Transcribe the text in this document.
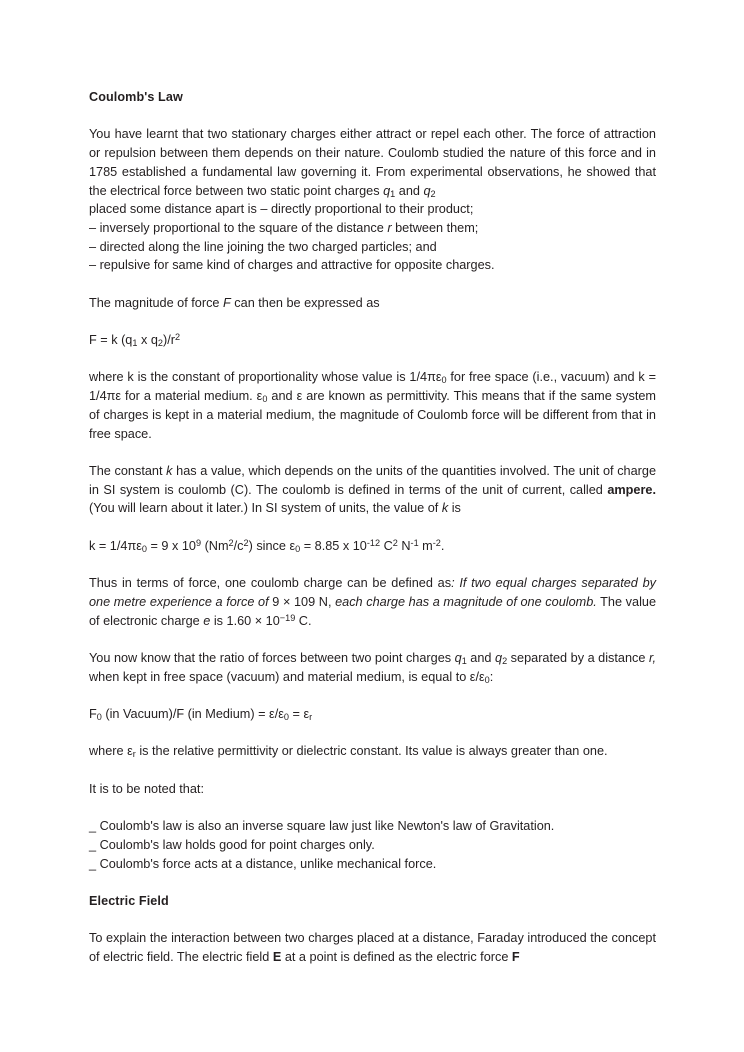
Coulomb's Law

You have learnt that two stationary charges either attract or repel each other. The force of attraction or repulsion between them depends on their nature. Coulomb studied the nature of this force and in 1785 established a fundamental law governing it. From experimental observations, he showed that the electrical force between two static point charges $q_1$ and $q_2$

placed some distance apart is – directly proportional to their product;

– inversely proportional to the square of the distance r between them;

– directed along the line joining the two charged particles; and

– repulsive for same kind of charges and attractive for opposite charges.

The magnitude of force F can then be expressed as

F = k ($q_1$ x $q_2)/r^2$

where k is the constant of proportionality whose value is $1/4\pi\varepsilon_0$ for free space (i.e., vacuum) and k = 1/4πε for a material medium. $\varepsilon_0$ and ε are known as permittivity. This means that if the same system of charges is kept in a material medium, the magnitude of Coulomb force will be different from that in free space.

The constant k has a value, which depends on the units of the quantities involved. The unit of charge in SI system is coulomb (C). The coulomb is defined in terms of the unit of current, called ampere. (You will learn about it later.) In SI system of units, the value of k is

$k = 1/4\pi\varepsilon_0 = 9$ x $10^9$ $(Nm^2/c^2)$ since $\varepsilon_0 = 8.85$ x $10^{-12}$ $C^2$ $N^{-1}$ $m^{-2}$.

Thus in terms of force, one coulomb charge can be defined as: If two equal charges separated by one metre experience a force of 9 × 109 N, each charge has a magnitude of one coulomb. The value of electronic charge e is $1.60 \times 10^{-19}$ C.

You now know that the ratio of forces between two point charges $q_1$ and $q_2$ separated by a distance r, when kept in free space (vacuum) and material medium, is equal to $\varepsilon/\varepsilon_0$:

$F_0$ (in Vacuum)/F (in Medium) = $\varepsilon/\varepsilon_0 = \varepsilon_r$

where $\varepsilon_r$ is the relative permittivity or dielectric constant. Its value is always greater than one.

It is to be noted that:

_ Coulomb's law is also an inverse square law just like Newton's law of Gravitation.

_ Coulomb's law holds good for point charges only.

_ Coulomb's force acts at a distance, unlike mechanical force.

Electric Field

To explain the interaction between two charges placed at a distance, Faraday introduced the concept of electric field. The electric field E at a point is defined as the electric force F
